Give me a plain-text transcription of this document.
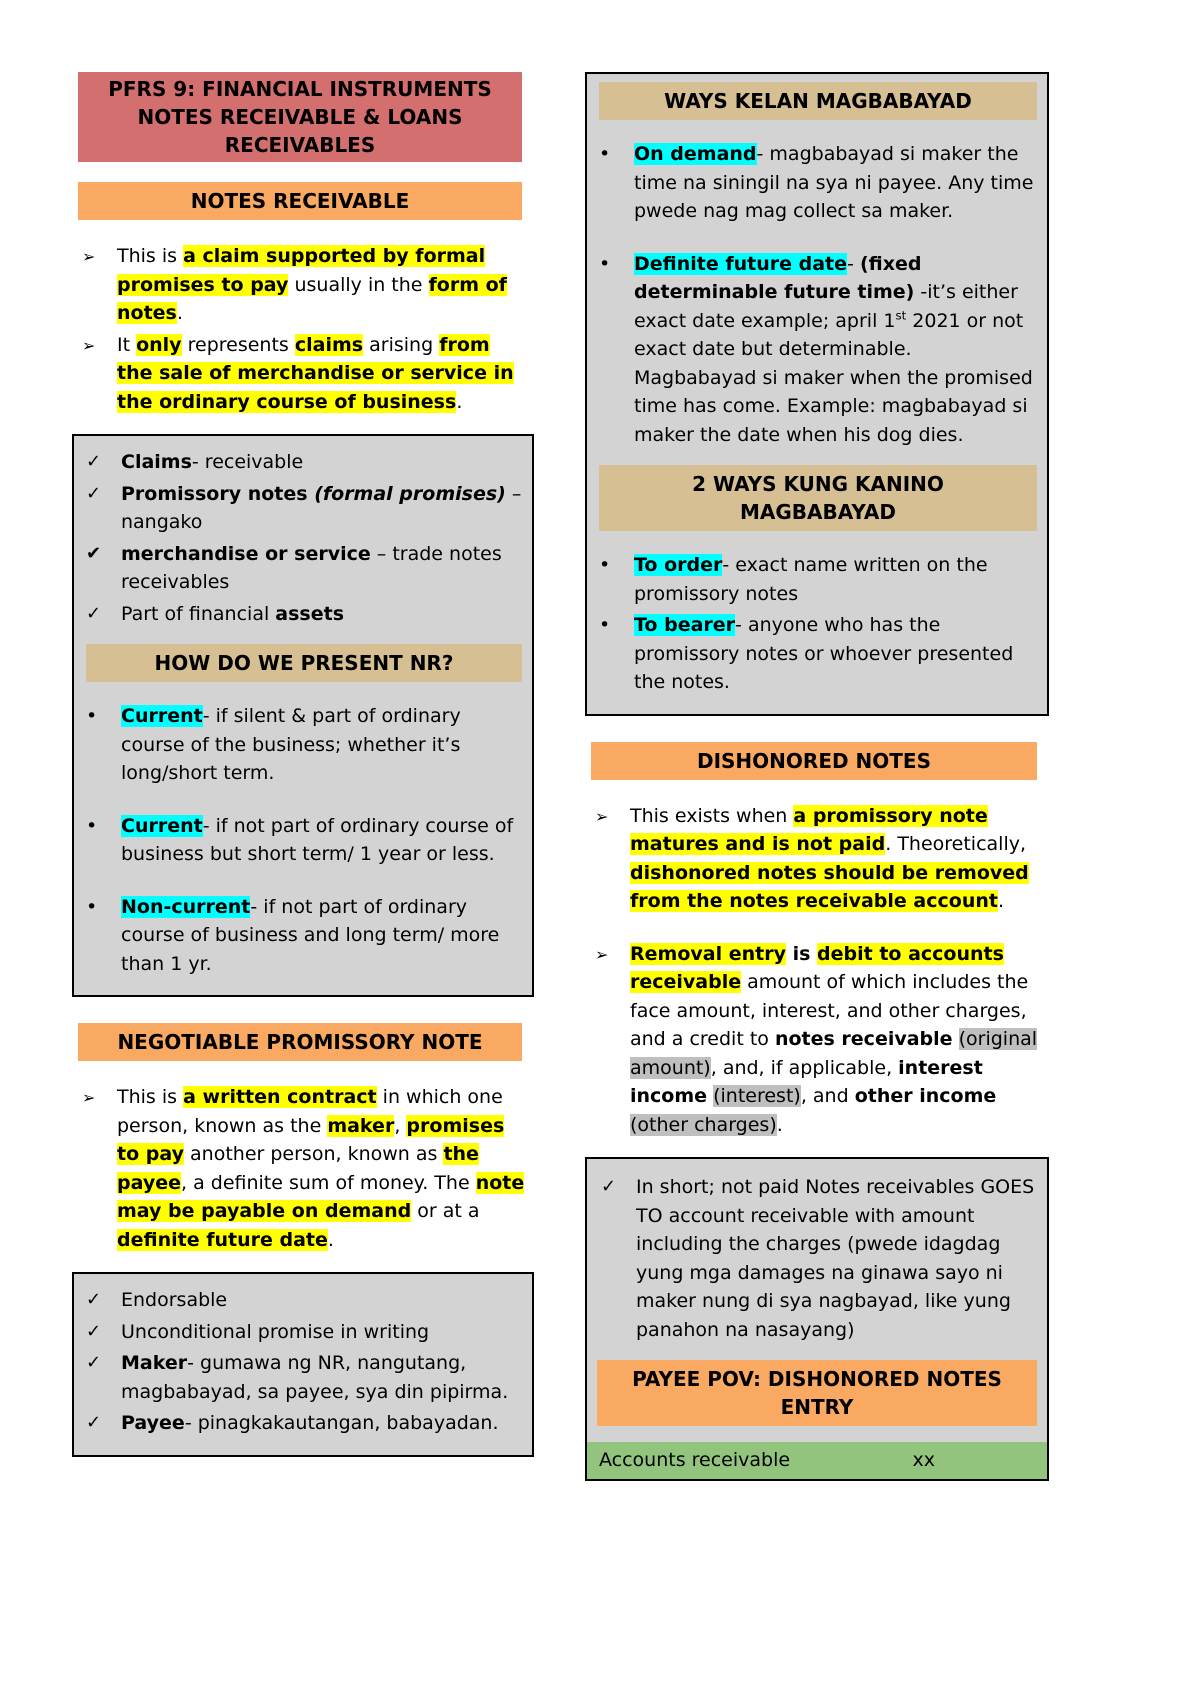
PFRS 9: FINANCIAL INSTRUMENTS
NOTES RECEIVABLE & LOANS
RECEIVABLES
NOTES RECEIVABLE
➢	This is a claim supported by formal promises to pay usually in the form of notes.
➢	It only represents claims arising from the sale of merchandise or service in the ordinary course of business.
✓	Claims- receivable
✓	Promissory notes (formal promises) – nangako
✔	merchandise or service – trade notes receivables
✓	Part of financial assets
HOW DO WE PRESENT NR?
•	Current- if silent & part of ordinary course of the business; whether it’s long/short term.
•	Current- if not part of ordinary course of business but short term/ 1 year or less.
•	Non-current- if not part of ordinary course of business and long term/ more than 1 yr.
NEGOTIABLE PROMISSORY NOTE
➢	This is a written contract in which one person, known as the maker, promises to pay another person, known as the payee, a definite sum of money. The note may be payable on demand or at a definite future date.
✓	Endorsable
✓	Unconditional promise in writing
✓	Maker- gumawa ng NR, nangutang, magbabayad, sa payee, sya din pipirma.
✓	Payee- pinagkakautangan, babayadan.
WAYS KELAN MAGBABAYAD
•	On demand- magbabayad si maker the time na siningil na sya ni payee. Any time pwede nag mag collect sa maker.
•	Definite future date- (fixed determinable future time) -it’s either exact date example; april 1st 2021 or not exact date but determinable. Magbabayad si maker when the promised time has come. Example: magbabayad si maker the date when his dog dies.
2 WAYS KUNG KANINO
MAGBABAYAD
•	To order- exact name written on the promissory notes
•	To bearer- anyone who has the promissory notes or whoever presented the notes.
DISHONORED NOTES
➢	This exists when a promissory note matures and is not paid. Theoretically, dishonored notes should be removed from the notes receivable account.
➢	Removal entry is debit to accounts receivable amount of which includes the face amount, interest, and other charges, and a credit to notes receivable (original amount), and, if applicable, interest income (interest), and other income (other charges).
✓	In short; not paid Notes receivables GOES TO account receivable with amount including the charges (pwede idagdag yung mga damages na ginawa sayo ni maker nung di sya nagbayad, like yung panahon na nasayang)
PAYEE POV: DISHONORED NOTES
ENTRY
Accounts receivable	xx
